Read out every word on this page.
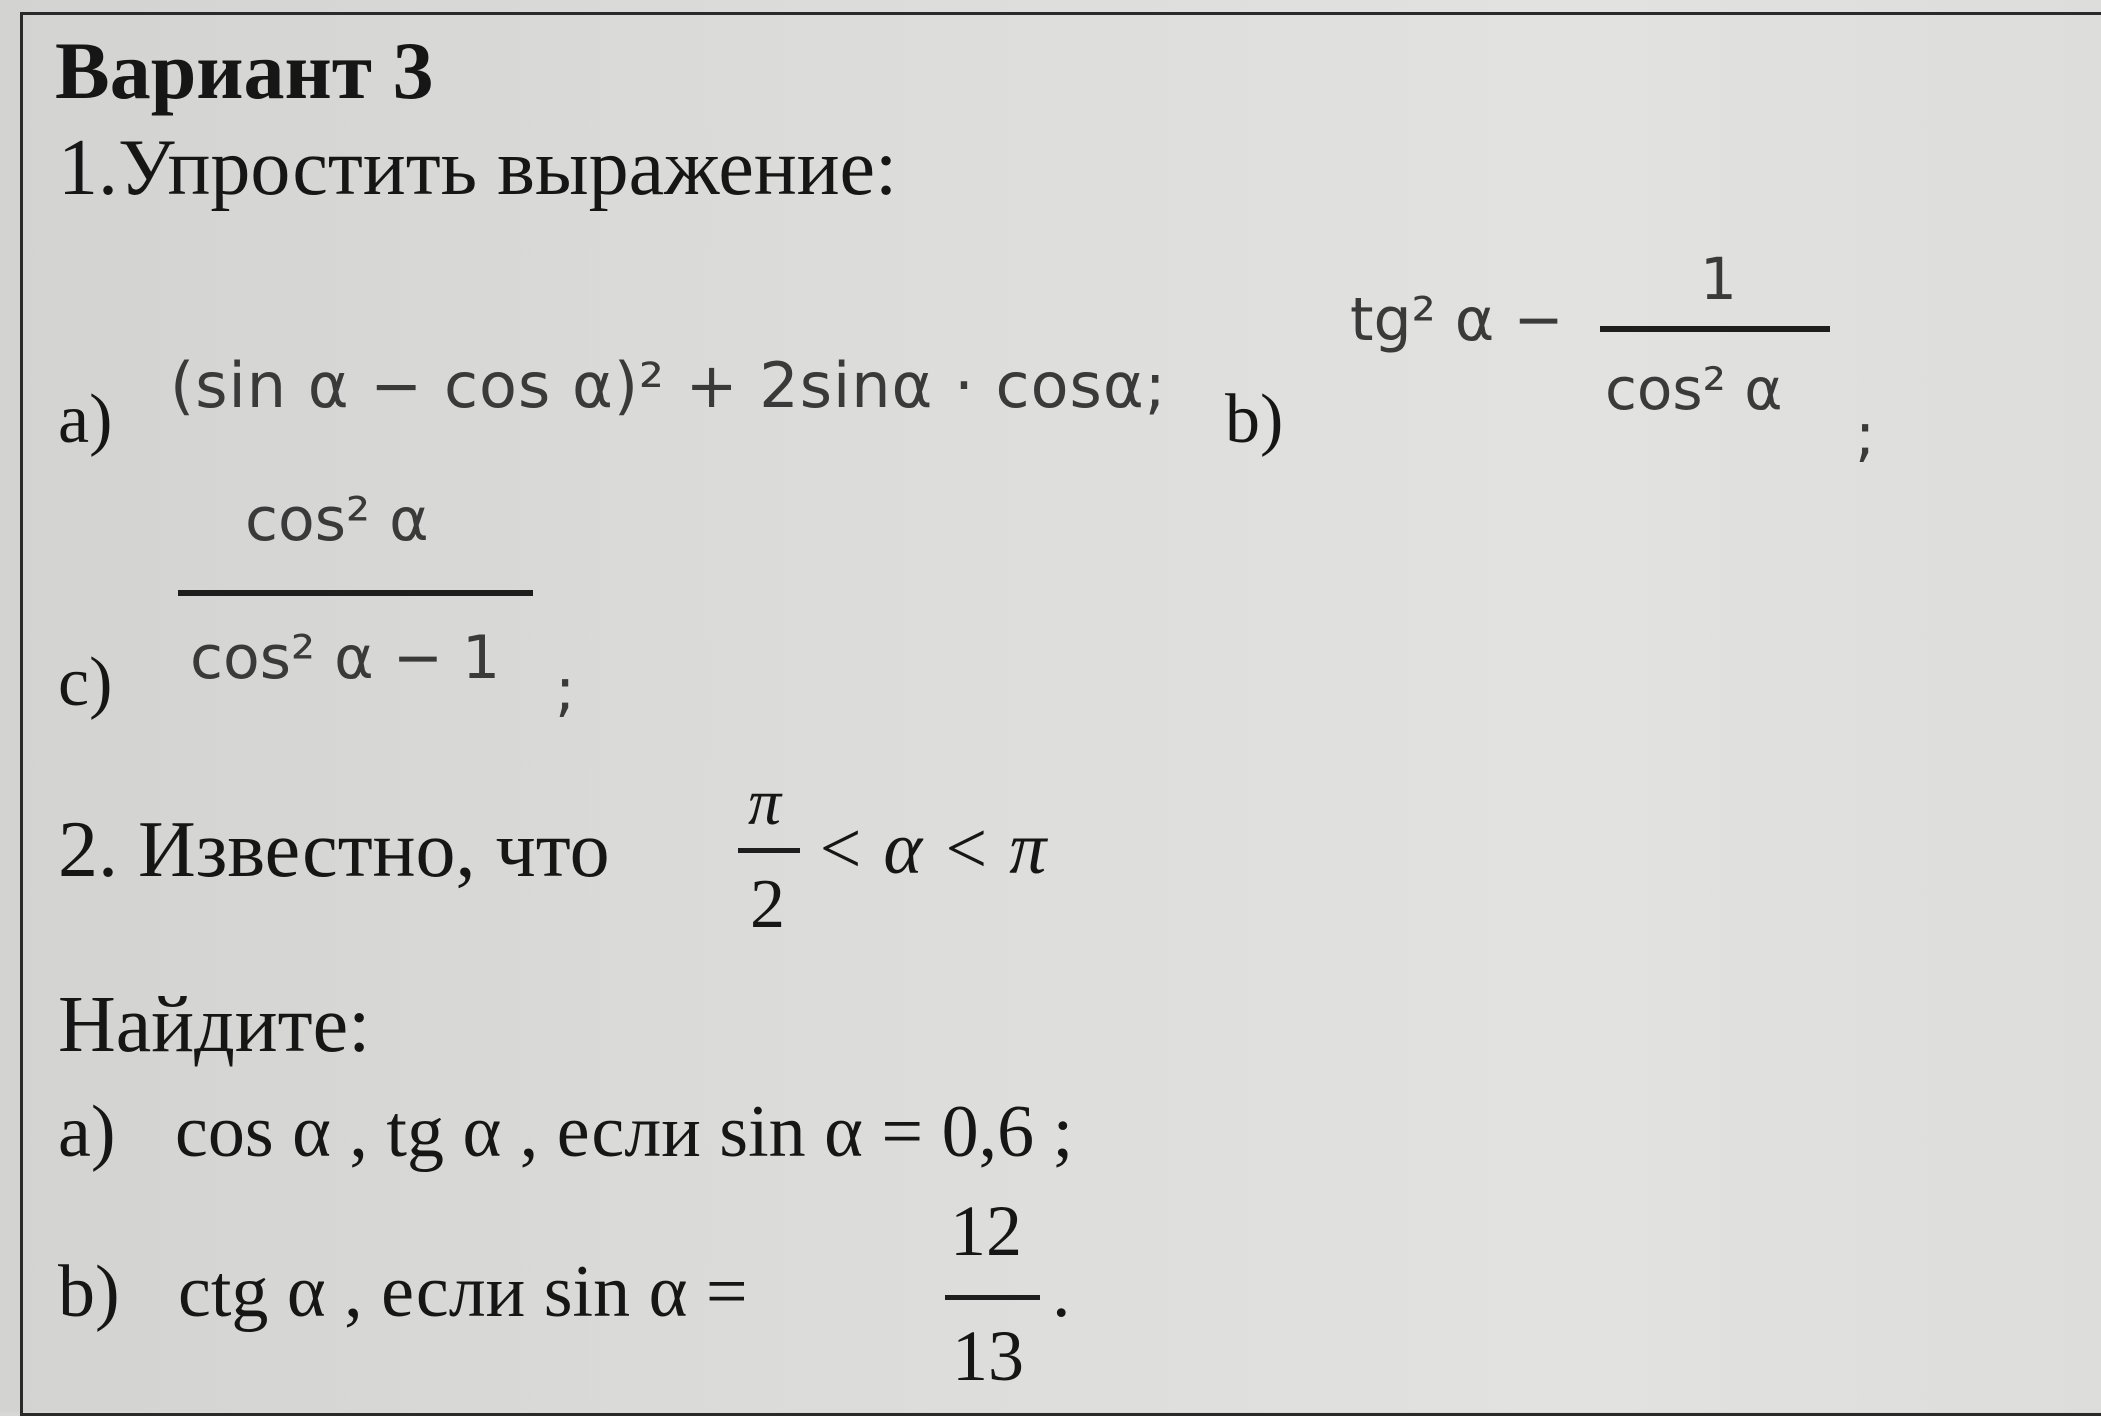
Вариант 3
1.Упростить выражение:
a) (sin α − cos α)² + 2sinα · cosα; b)
tg² α −
1
cos² α
;
c)
cos² α
cos² α − 1 ;
2. Известно, что
π
2
< α < π
Найдите:
a) cos α , tg α , если sin α = 0,6 ;
b) ctg α , если sin α =
12
13
.
